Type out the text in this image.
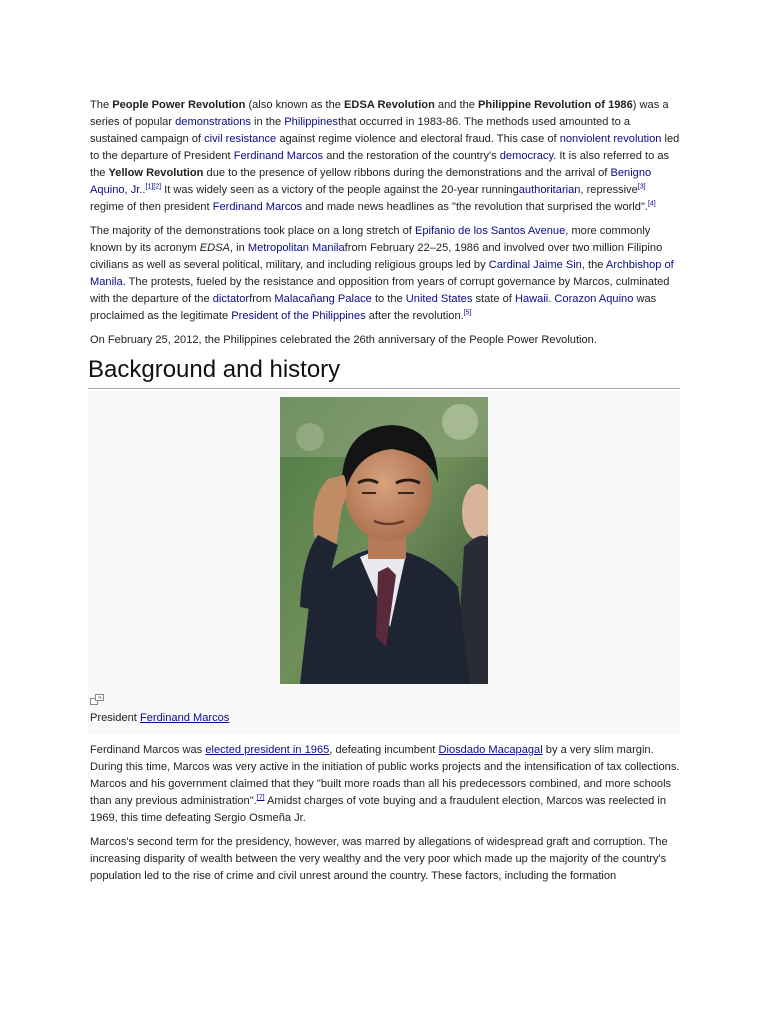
The People Power Revolution (also known as the EDSA Revolution and the Philippine Revolution of 1986) was a series of popular demonstrations in the Philippinesthat occurred in 1983-86. The methods used amounted to a sustained campaign of civil resistance against regime violence and electoral fraud. This case of nonviolent revolution led to the departure of President Ferdinand Marcos and the restoration of the country's democracy. It is also referred to as the Yellow Revolution due to the presence of yellow ribbons during the demonstrations and the arrival of Benigno Aquino, Jr..[1][2] It was widely seen as a victory of the people against the 20-year runningauthoritarian, repressive[3] regime of then president Ferdinand Marcos and made news headlines as "the revolution that surprised the world".[4]

The majority of the demonstrations took place on a long stretch of Epifanio de los Santos Avenue, more commonly known by its acronym EDSA, in Metropolitan Manilafrom February 22–25, 1986 and involved over two million Filipino civilians as well as several political, military, and including religious groups led by Cardinal Jaime Sin, the Archbishop of Manila. The protests, fueled by the resistance and opposition from years of corrupt governance by Marcos, culminated with the departure of the dictatorfrom Malacañang Palace to the United States state of Hawaii. Corazon Aquino was proclaimed as the legitimate President of the Philippines after the revolution.[5]

On February 25, 2012, the Philippines celebrated the 26th anniversary of the People Power Revolution.

Background and history
President Ferdinand Marcos

Ferdinand Marcos was elected president in 1965, defeating incumbent Diosdado Macapagal by a very slim margin. During this time, Marcos was very active in the initiation of public works projects and the intensification of tax collections. Marcos and his government claimed that they "built more roads than all his predecessors combined, and more schools than any previous administration".[7] Amidst charges of vote buying and a fraudulent election, Marcos was reelected in 1969, this time defeating Sergio Osmeña Jr.

Marcos's second term for the presidency, however, was marred by allegations of widespread graft and corruption. The increasing disparity of wealth between the very wealthy and the very poor which made up the majority of the country's population led to the rise of crime and civil unrest around the country. These factors, including the formation
